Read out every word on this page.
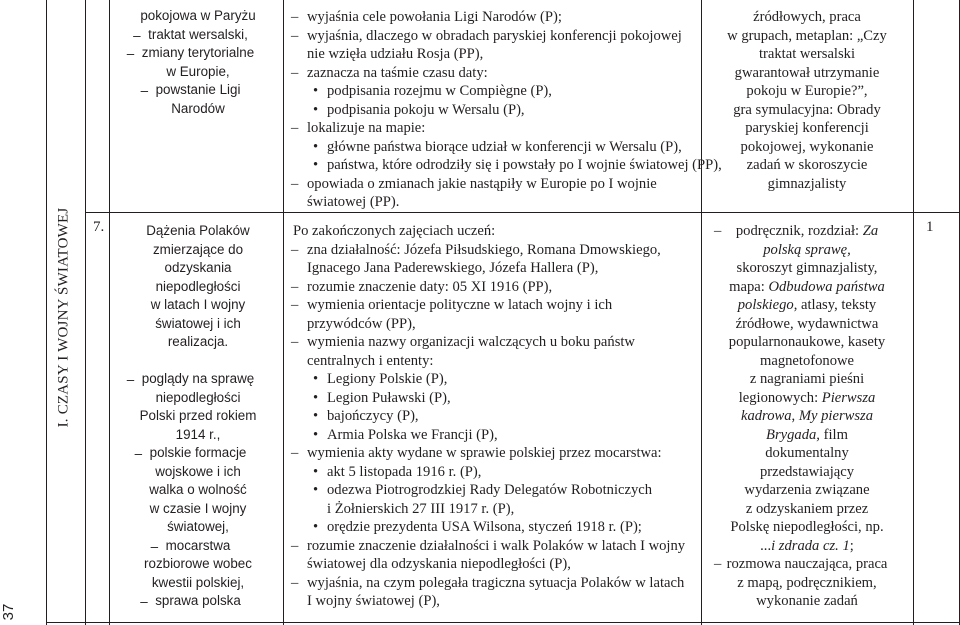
37
I. CZASY I WOJNY ŚWIATOWEJ 7.	1

pokojowa w Paryżu

– traktat wersalski,

– zmiany terytorialne

w Europie,

– powstanie Ligi

Narodów

– wyjaśnia cele powołania Ligi Narodów (P);

– wyjaśnia, dlaczego w obradach paryskiej konferencji pokojowej

nie wzięła udziału Rosja (PP),

– zaznacza na taśmie czasu daty:

• podpisania rozejmu w Compiègne (P),

• podpisania pokoju w Wersalu (P),

– lokalizuje na mapie:

• główne państwa biorące udział w konferencji w Wersalu (P),

• państwa, które odrodziły się i powstały po I wojnie światowej (PP),

– opowiada o zmianach jakie nastąpiły w Europie po I wojnie

światowej (PP).

źródłowych, praca

w grupach, metaplan: „Czy

traktat wersalski

gwarantował utrzymanie

pokoju w Europie?”,

gra symulacyjna: Obrady

paryskiej konferencji

pokojowej, wykonanie

zadań w skoroszycie

gimnazjalisty

Dążenia Polaków

zmierzające do

odzyskania

niepodległości

w latach I wojny

światowej i ich

realizacja.

– poglądy na sprawę

niepodległości

Polski przed rokiem

1914 r.,

– polskie formacje

wojskowe i ich

walka o wolność

w czasie I wojny

światowej,

– mocarstwa

rozbiorowe wobec

kwestii polskiej,

– sprawa polska

Po zakończonych zajęciach uczeń:

– zna działalność: Józefa Piłsudskiego, Romana Dmowskiego,

Ignacego Jana Paderewskiego, Józefa Hallera (P),

– rozumie znaczenie daty: 05 XI 1916 (PP),

– wymienia orientacje polityczne w latach wojny i ich

przywódców (PP),

– wymienia nazwy organizacji walczących u boku państw

centralnych i ententy:

• Legiony Polskie (P),

• Legion Puławski (P),

• bajończycy (P),

• Armia Polska we Francji (P),

– wymienia akty wydane w sprawie polskiej przez mocarstwa:

• akt 5 listopada 1916 r. (P),

• odezwa Piotrogrodzkiej Rady Delegatów Robotniczych

i Żołnierskich 27 III 1917 r. (P),

• orędzie prezydenta USA Wilsona, styczeń 1918 r. (P);

– rozumie znaczenie działalności i walk Polaków w latach I wojny

światowej dla odzyskania niepodległości (P),

– wyjaśnia, na czym polegała tragiczna sytuacja Polaków w latach

I wojny światowej (P),

– podręcznik, rozdział: Za

polską sprawę,

skoroszyt gimnazjalisty,

mapa: Odbudowa państwa

polskiego, atlasy, teksty

źródłowe, wydawnictwa

popularnonaukowe, kasety

magnetofonowe

z nagraniami pieśni

legionowych: Pierwsza

kadrowa, My pierwsza

Brygada, film

dokumentalny

przedstawiający

wydarzenia związane

z odzyskaniem przez

Polskę niepodległości, np.

...i zdrada cz. 1;

– rozmowa nauczająca, praca

z mapą, podręcznikiem,

wykonanie zadań
